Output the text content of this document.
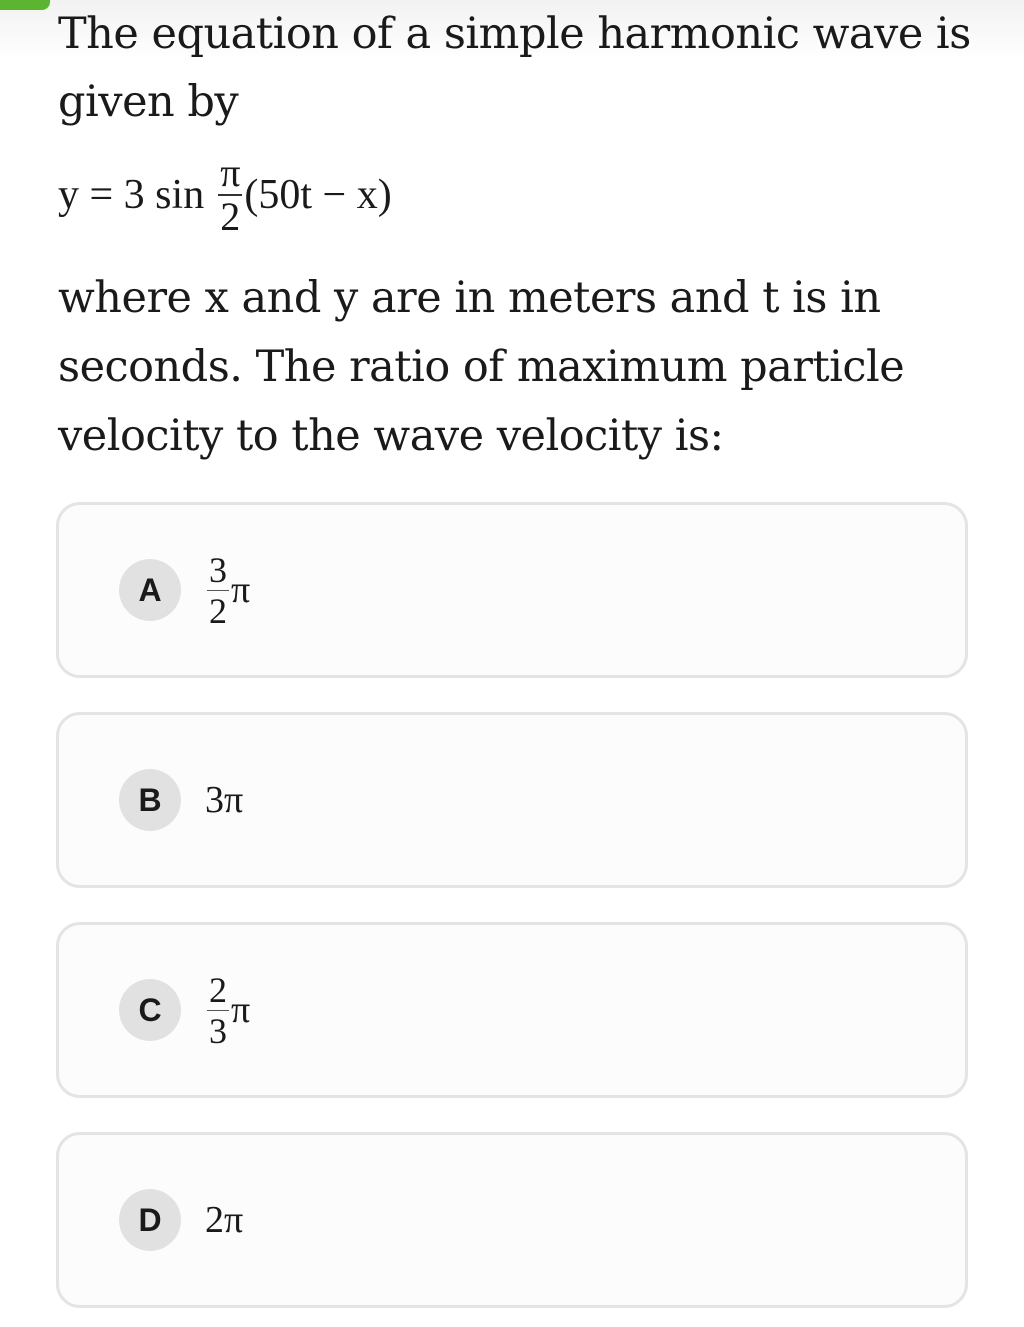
The equation of a simple harmonic wave is
given by
y = 3 $\sin \frac{\pi}{2} (50t - x)$
where x and y are in meters and t is in seconds. The ratio of maximum particle velocity to the wave velocity is:
A	$\frac{3}{2}$ π
B	3π
C	$\frac{2}{3}$ π
D	2π
